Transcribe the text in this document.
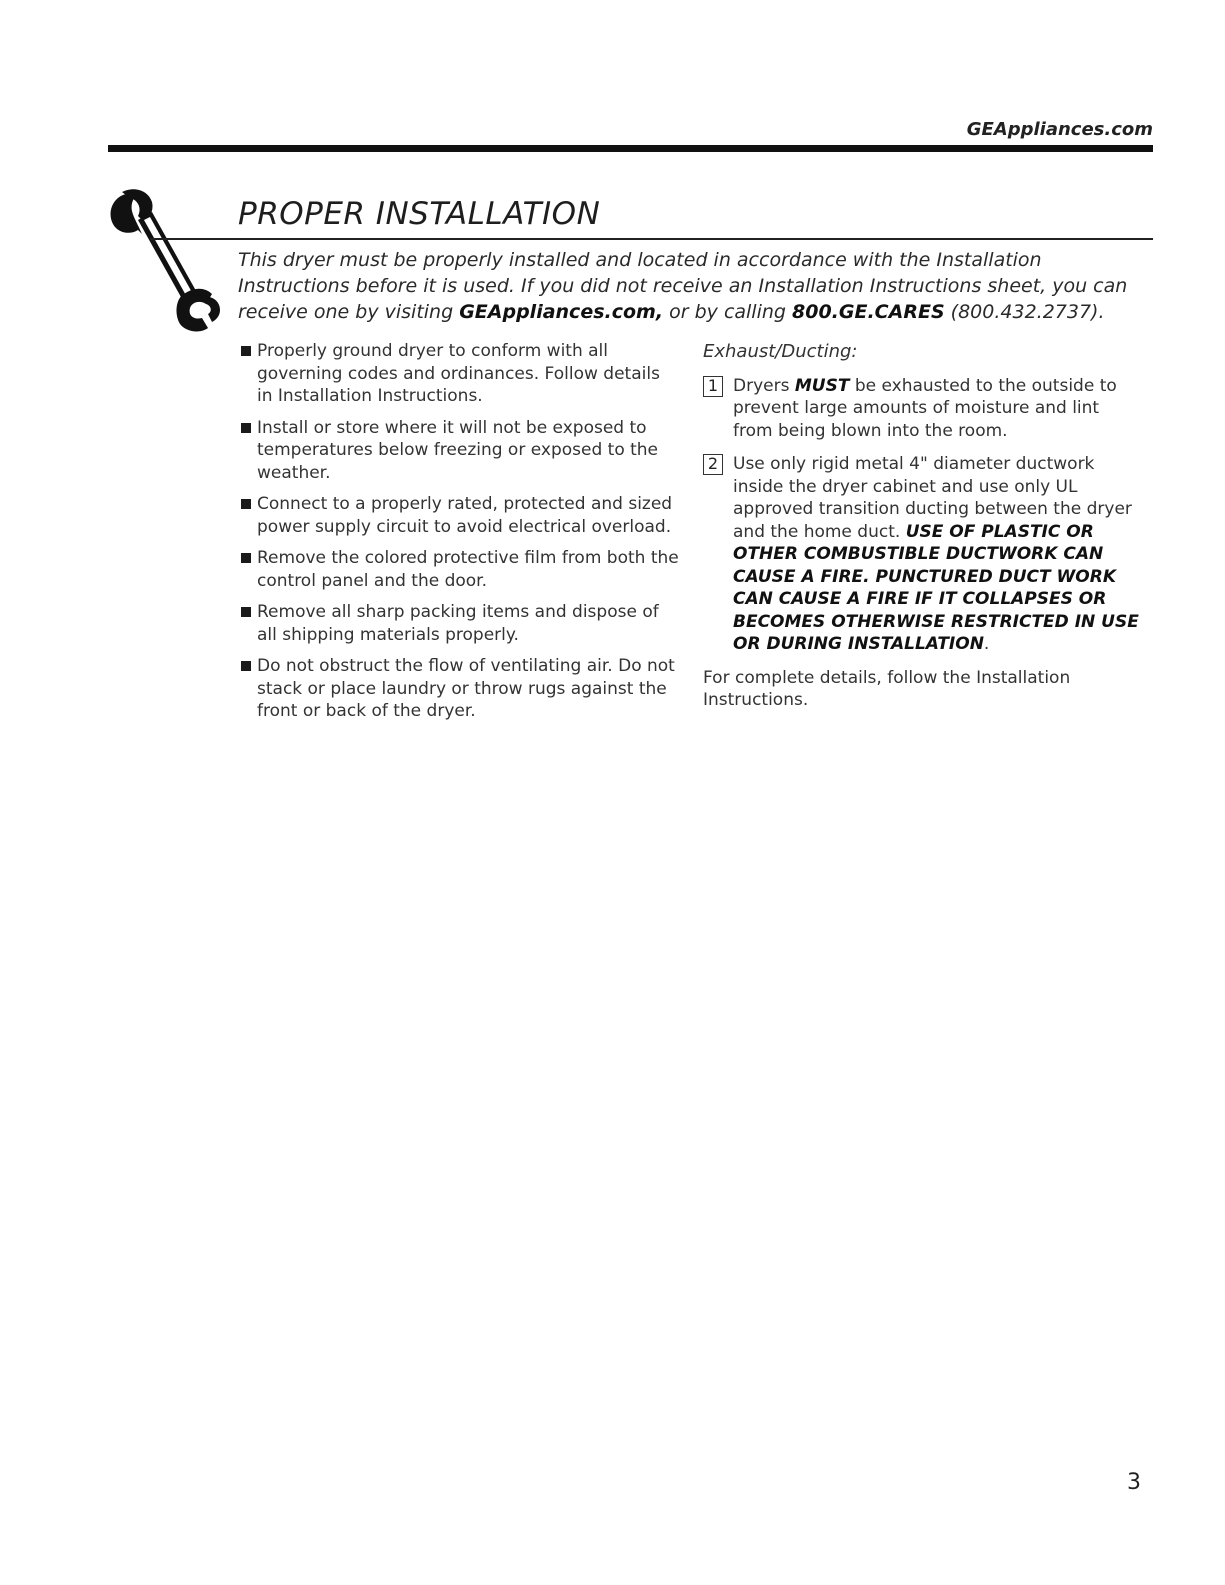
GEAppliances.com
PROPER INSTALLATION

This dryer must be properly installed and located in accordance with the Installation Instructions before it is used. If you did not receive an Installation Instructions sheet, you can receive one by visiting GEAppliances.com, or by calling 800.GE.CARES (800.432.2737).

Properly ground dryer to conform with all governing codes and ordinances. Follow details in Installation Instructions.
Install or store where it will not be exposed to temperatures below freezing or exposed to the weather.
Connect to a properly rated, protected and sized power supply circuit to avoid electrical overload.
Remove the colored protective film from both the control panel and the door.
Remove all sharp packing items and dispose of all shipping materials properly.
Do not obstruct the flow of ventilating air. Do not stack or place laundry or throw rugs against the front or back of the dryer.
Exhaust/Ducting:
1 Dryers MUST be exhausted to the outside to prevent large amounts of moisture and lint from being blown into the room.
2 Use only rigid metal 4" diameter ductwork inside the dryer cabinet and use only UL approved transition ducting between the dryer and the home duct. USE OF PLASTIC OR OTHER COMBUSTIBLE DUCTWORK CAN CAUSE A FIRE. PUNCTURED DUCT WORK CAN CAUSE A FIRE IF IT COLLAPSES OR BECOMES OTHERWISE RESTRICTED IN USE OR DURING INSTALLATION.

For complete details, follow the Installation Instructions.

3
